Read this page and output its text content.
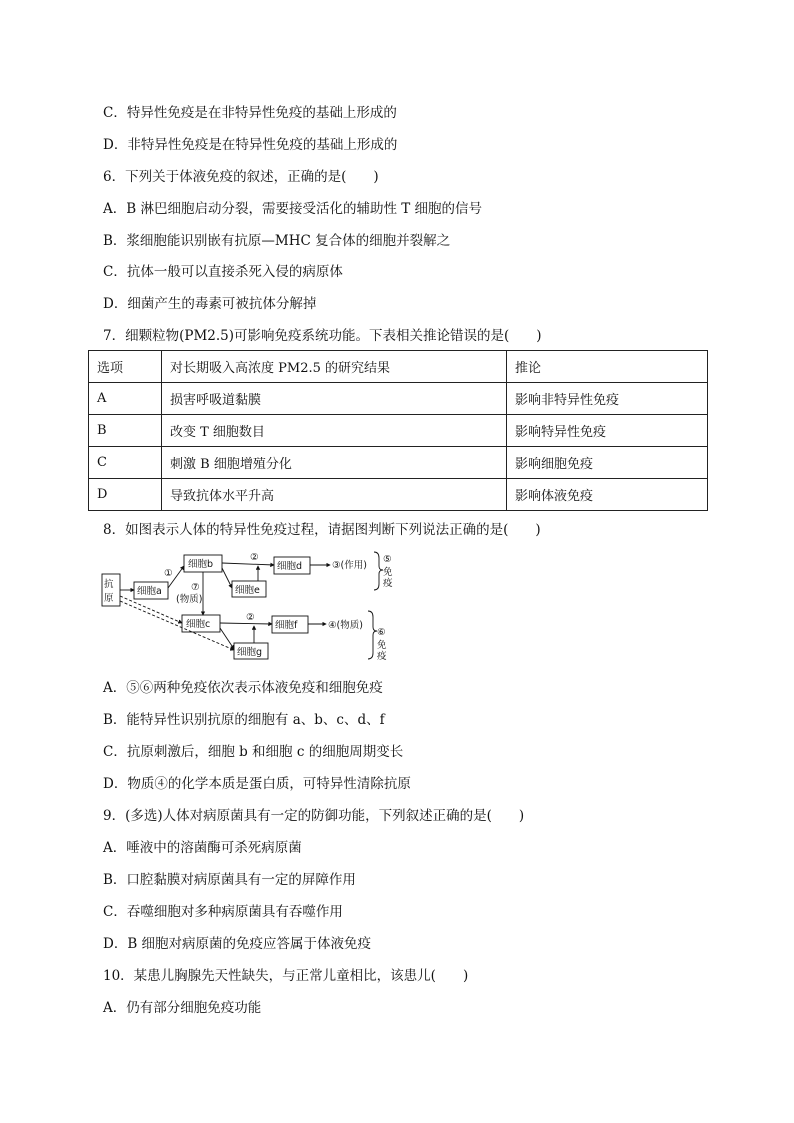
C．特异性免疫是在非特异性免疫的基础上形成的
D．非特异性免疫是在特异性免疫的基础上形成的
6．下列关于体液免疫的叙述，正确的是(　　)
A．B 淋巴细胞启动分裂，需要接受活化的辅助性 T 细胞的信号
B．浆细胞能识别嵌有抗原—MHC 复合体的细胞并裂解之
C．抗体一般可以直接杀死入侵的病原体
D．细菌产生的毒素可被抗体分解掉
7．细颗粒物(PM2.5)可影响免疫系统功能。下表相关推论错误的是(　　)
选项	对长期吸入高浓度 PM2.5 的研究结果	推论
A	损害呼吸道黏膜	影响非特异性免疫
B	改变 T 细胞数目	影响特异性免疫
C	刺激 B 细胞增殖分化	影响细胞免疫
D	导致抗体水平升高	影响体液免疫
8．如图表示人体的特异性免疫过程，请据图判断下列说法正确的是(　　)
抗
原
细胞a
细胞b	细胞d
细胞e
细胞c	细胞f
细胞g
①
②
②
⑦
(物质)
③(作用)
④(物质)
⑤
免
疫
⑥
免
疫
A．⑤⑥两种免疫依次表示体液免疫和细胞免疫
B．能特异性识别抗原的细胞有 a、b、c、d、f
C．抗原刺激后，细胞 b 和细胞 c 的细胞周期变长
D．物质④的化学本质是蛋白质，可特异性清除抗原
9．(多选)人体对病原菌具有一定的防御功能，下列叙述正确的是(　　)
A．唾液中的溶菌酶可杀死病原菌
B．口腔黏膜对病原菌具有一定的屏障作用
C．吞噬细胞对多种病原菌具有吞噬作用
D．B 细胞对病原菌的免疫应答属于体液免疫
10．某患儿胸腺先天性缺失，与正常儿童相比，该患儿(　　)
A．仍有部分细胞免疫功能
